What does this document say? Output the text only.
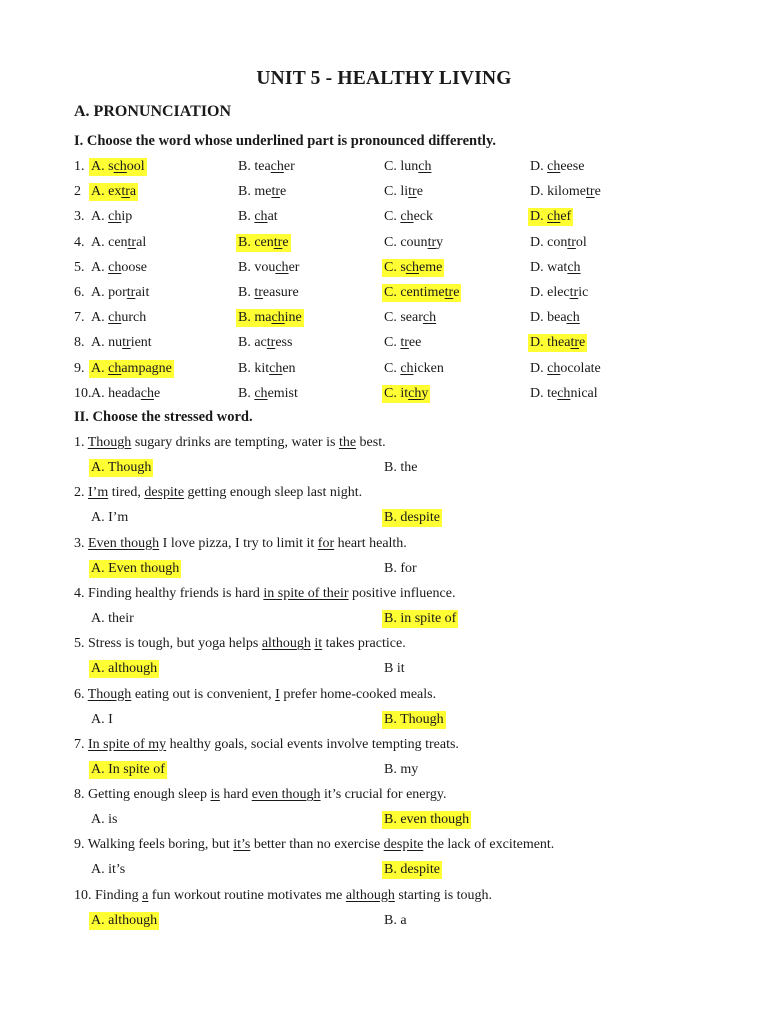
UNIT 5 - HEALTHY LIVING
A. PRONUNCIATION
I. Choose the word whose underlined part is pronounced differently.
1. A. school	B. teacher	C. lunch	D. cheese
2 A. extra	B. metre	C. litre	D. kilometre
3. A. chip	B. chat	C. check	D. chef
4. A. central	B. centre	C. country	D. control
5. A. choose	B. voucher	C. scheme	D. watch
6. A. portrait	B. treasure	C. centimetre	D. electric
7. A. church	B. machine	C. search	D. beach
8. A. nutrient	B. actress	C. tree	D. theatre
9. A. champagne	B. kitchen	C. chicken	D. chocolate
10. A. headache	B. chemist	C. itchy	D. technical
II. Choose the stressed word.
1. Though sugary drinks are tempting, water is the best.
A. Though	B. the
2. I’m tired, despite getting enough sleep last night.
A. I’m	B. despite
3. Even though I love pizza, I try to limit it for heart health.
A. Even though	B. for
4. Finding healthy friends is hard in spite of their positive influence.
A. their	B. in spite of
5. Stress is tough, but yoga helps although it takes practice.
A. although	B it
6. Though eating out is convenient, I prefer home-cooked meals.
A. I	B. Though
7. In spite of my healthy goals, social events involve tempting treats.
A. In spite of	B. my
8. Getting enough sleep is hard even though it’s crucial for energy.
A. is	B. even though
9. Walking feels boring, but it’s better than no exercise despite the lack of excitement.
A. it’s	B. despite
10. Finding a fun workout routine motivates me although starting is tough.
A. although	B. a
